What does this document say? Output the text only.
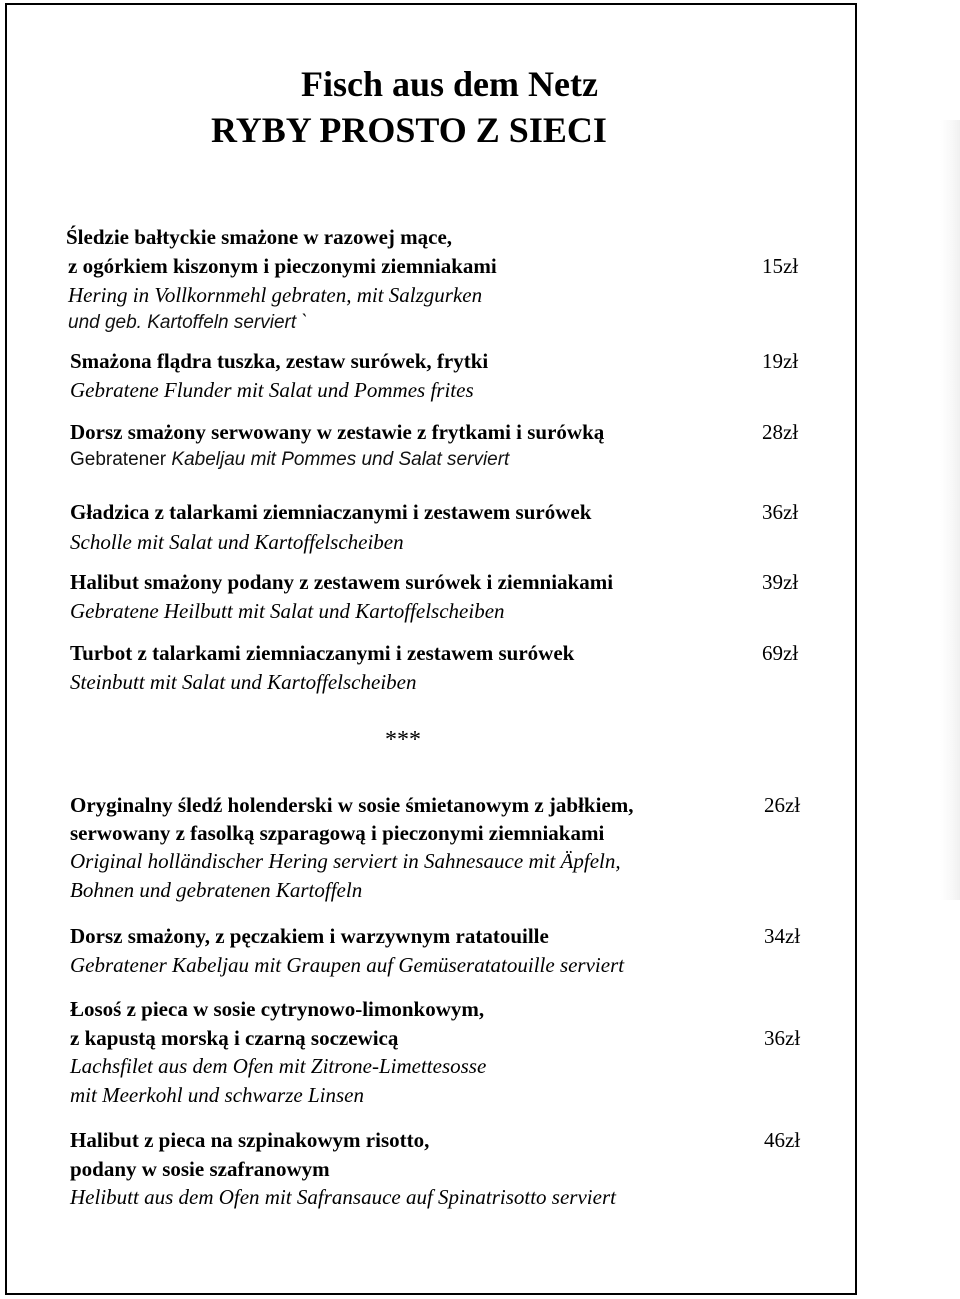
Fisch aus dem Netz
RYBY PROSTO Z SIECI
Śledzie bałtyckie smażone w razowej mące,
z ogórkiem kiszonym i pieczonymi ziemniakami
Hering in Vollkornmehl gebraten, mit Salzgurken
und geb. Kartoffeln serviert `
15zł
Smażona flądra tuszka, zestaw surówek, frytki
Gebratene Flunder mit Salat und Pommes frites
19zł
Dorsz smażony serwowany w zestawie z frytkami i surówką
Gebratener Kabeljau mit Pommes und Salat serviert
28zł
Gładzica z talarkami ziemniaczanymi i zestawem surówek
Scholle mit Salat und Kartoffelscheiben
36zł
Halibut smażony podany z zestawem surówek i ziemniakami
Gebratene Heilbutt mit Salat und Kartoffelscheiben
39zł
Turbot z talarkami ziemniaczanymi i zestawem surówek
Steinbutt mit Salat und Kartoffelscheiben
69zł
***
Oryginalny śledź holenderski w sosie śmietanowym z jabłkiem,
serwowany z fasolką szparagową i pieczonymi ziemniakami
Original holländischer Hering serviert in Sahnesauce mit Äpfeln,
Bohnen und gebratenen Kartoffeln
26zł
Dorsz smażony, z pęczakiem i warzywnym ratatouille
Gebratener Kabeljau mit Graupen auf Gemüseratatouille serviert
34zł
Łosoś z pieca w sosie cytrynowo-limonkowym,
z kapustą morską i czarną soczewicą
Lachsfilet aus dem Ofen mit Zitrone-Limettesosse
mit Meerkohl und schwarze Linsen
36zł
Halibut z pieca na szpinakowym risotto,
podany w sosie szafranowym
Helibutt aus dem Ofen mit Safransauce auf Spinatrisotto serviert
46zł
